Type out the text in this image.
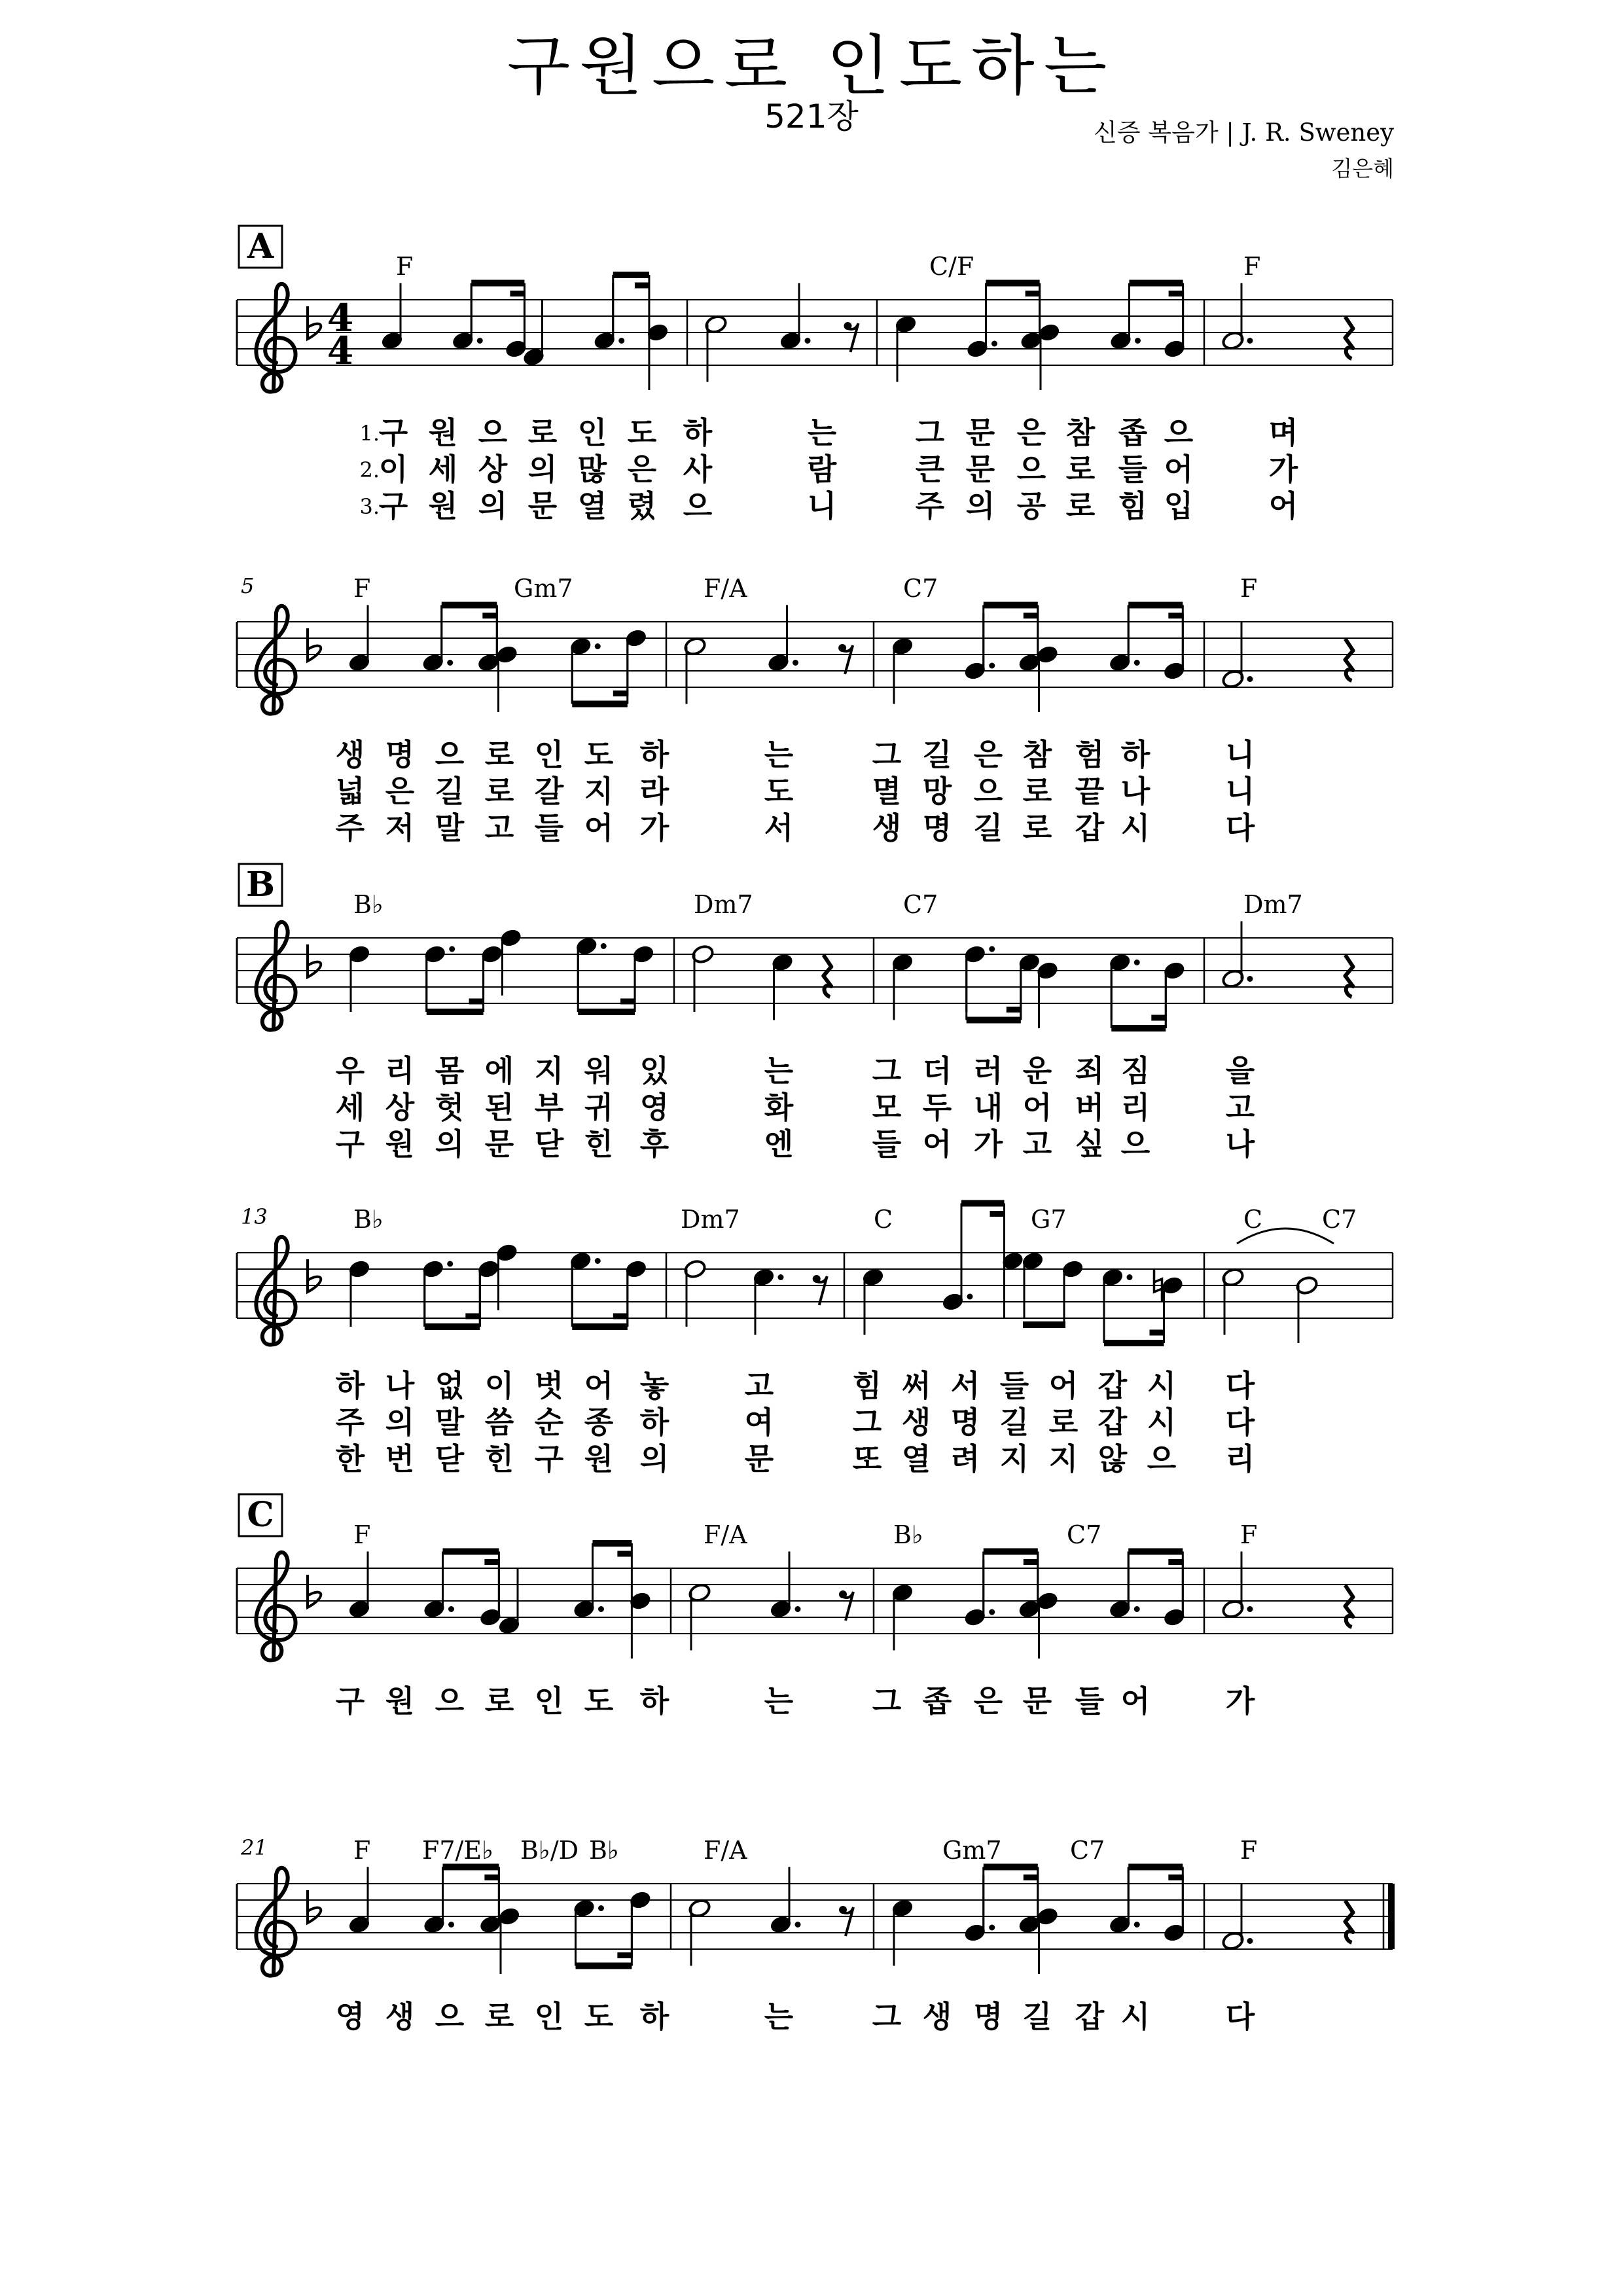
구원으로 인도하는
521장	신증 복음가 | J. R. Sweney
김은혜
4
4
A	F	C/F	F
5	F	Gm7	F/A	C7	F
B	B♭	Dm7	C7	Dm7
13	B♭	Dm7	C	G7	C C7
C	F	F/A	B♭	C7	F
21	F F7/E♭ B♭/D B♭	F/A	Gm7	C7	F
1.
구 원 으 로 인 도 하	는	그 문 은 참 좁 으	며
2.
이 세 상 의 많 은 사	람	큰 문 으 로 들 어	가
3.
구 원 의 문 열 렸 으	니	주 의 공 로 힘 입	어
생 명 으 로 인 도 하	는	그 길 은 참 험 하	니
넓 은 길 로 갈 지 라	도	멸 망 으 로 끝 나	니
주 저 말 고 들 어 가	서	생 명 길 로 갑 시	다
우 리 몸 에 지 워 있	는	그 더 러 운 죄 짐	을
세 상 헛 된 부 귀 영	화	모 두 내 어 버 리	고
구 원 의 문 닫 힌 후	엔	들 어 가 고 싶 으	나
하 나 없 이 벗 어 놓	고	힘 써 서 들 어 갑 시 다
주 의 말 씀 순 종 하	여	그 생 명 길 로 갑 시 다
한 번 닫 힌 구 원 의	문	또 열 려 지 지 않 으 리
구 원 으 로 인 도 하	는	그 좁 은 문 들 어	가
영 생 으 로 인 도 하	는	그 생 명 길 갑 시	다
